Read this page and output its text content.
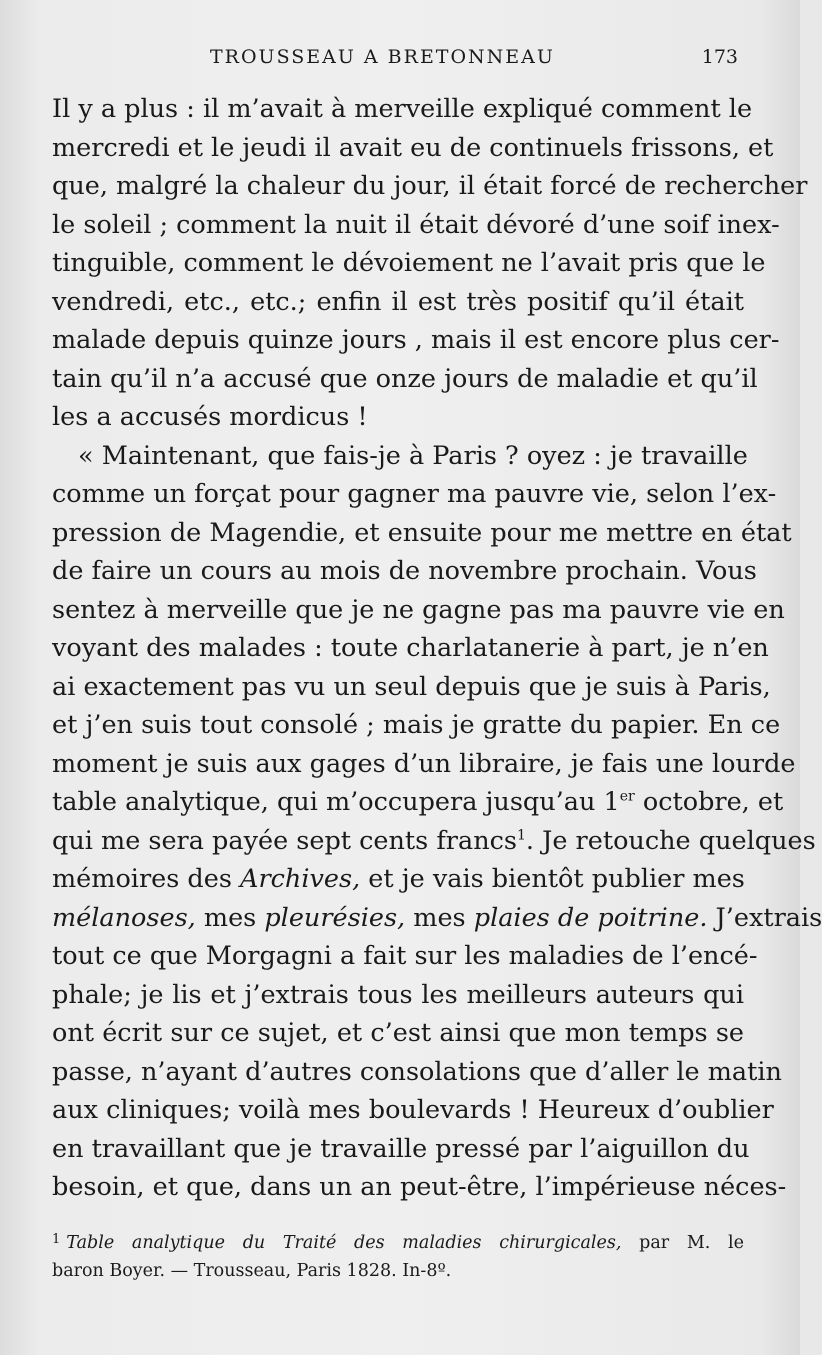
TROUSSEAU A BRETONNEAU	173
Il y a plus : il m’avait à merveille expliqué comment le
mercredi et le jeudi il avait eu de continuels frissons, et
que, malgré la chaleur du jour, il était forcé de rechercher
le soleil ; comment la nuit il était dévoré d’une soif inex-
tinguible, comment le dévoiement ne l’avait pris que le
vendredi, etc., etc.; enfin il est très positif qu’il était
malade depuis quinze jours , mais il est encore plus cer-
tain qu’il n’a accusé que onze jours de maladie et qu’il
les a accusés mordicus !
« Maintenant, que fais-je à Paris ? oyez : je travaille
comme un forçat pour gagner ma pauvre vie, selon l’ex-
pression de Magendie, et ensuite pour me mettre en état
de faire un cours au mois de novembre prochain. Vous
sentez à merveille que je ne gagne pas ma pauvre vie en
voyant des malades : toute charlatanerie à part, je n’en
ai exactement pas vu un seul depuis que je suis à Paris,
et j’en suis tout consolé ; mais je gratte du papier. En ce
moment je suis aux gages d’un libraire, je fais une lourde
table analytique, qui m’occupera jusqu’au 1er octobre, et
qui me sera payée sept cents francs$^1$. Je retouche quelques
mémoires des Archives, et je vais bientôt publier mes
mélanoses, mes pleurésies, mes plaies de poitrine. J’extrais
tout ce que Morgagni a fait sur les maladies de l’encé-
phale; je lis et j’extrais tous les meilleurs auteurs qui
ont écrit sur ce sujet, et c’est ainsi que mon temps se
passe, n’ayant d’autres consolations que d’aller le matin
aux cliniques; voilà mes boulevards ! Heureux d’oublier
en travaillant que je travaille pressé par l’aiguillon du
besoin, et que, dans un an peut-être, l’impérieuse néces-
$^1$ Table analytique du Traité des maladies chirurgicales, par M. le
baron Boyer. — Trousseau, Paris 1828. In-8º.
